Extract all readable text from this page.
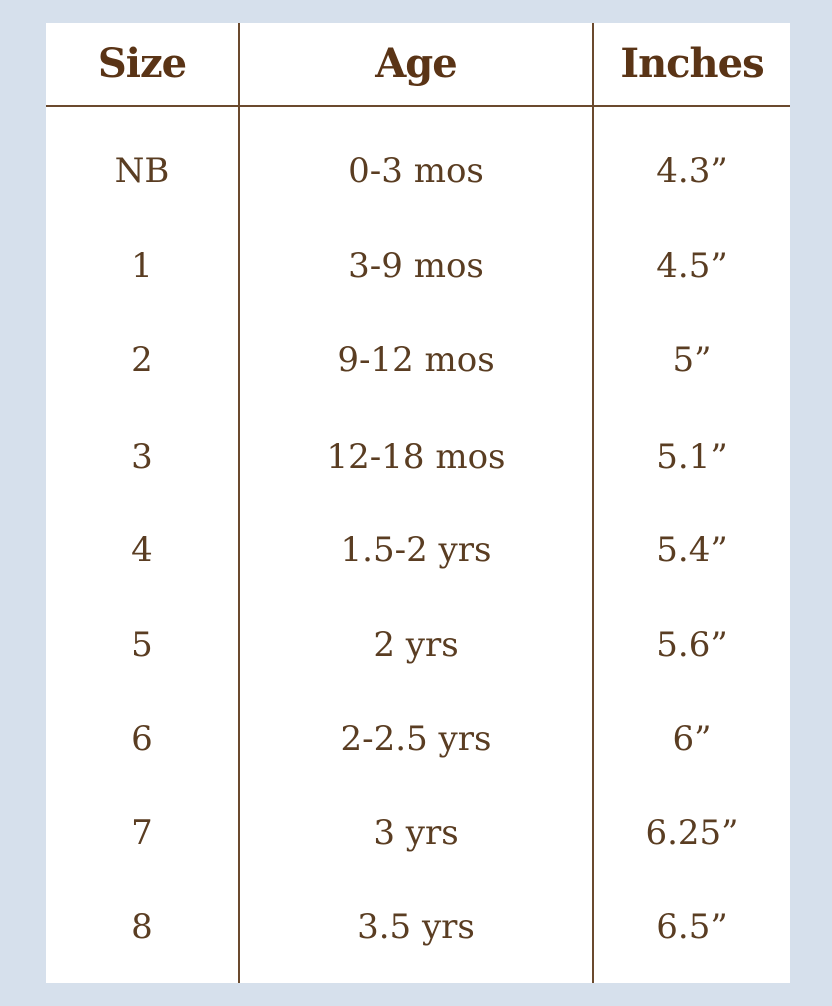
Size	Age	Inches
NB	0-3 mos	4.3”
1	3-9 mos	4.5”
2	9-12 mos	5”
3	12-18 mos	5.1”
4	1.5-2 yrs	5.4”
5	2 yrs	5.6”
6	2-2.5 yrs	6”
7	3 yrs	6.25”
8	3.5 yrs	6.5”
